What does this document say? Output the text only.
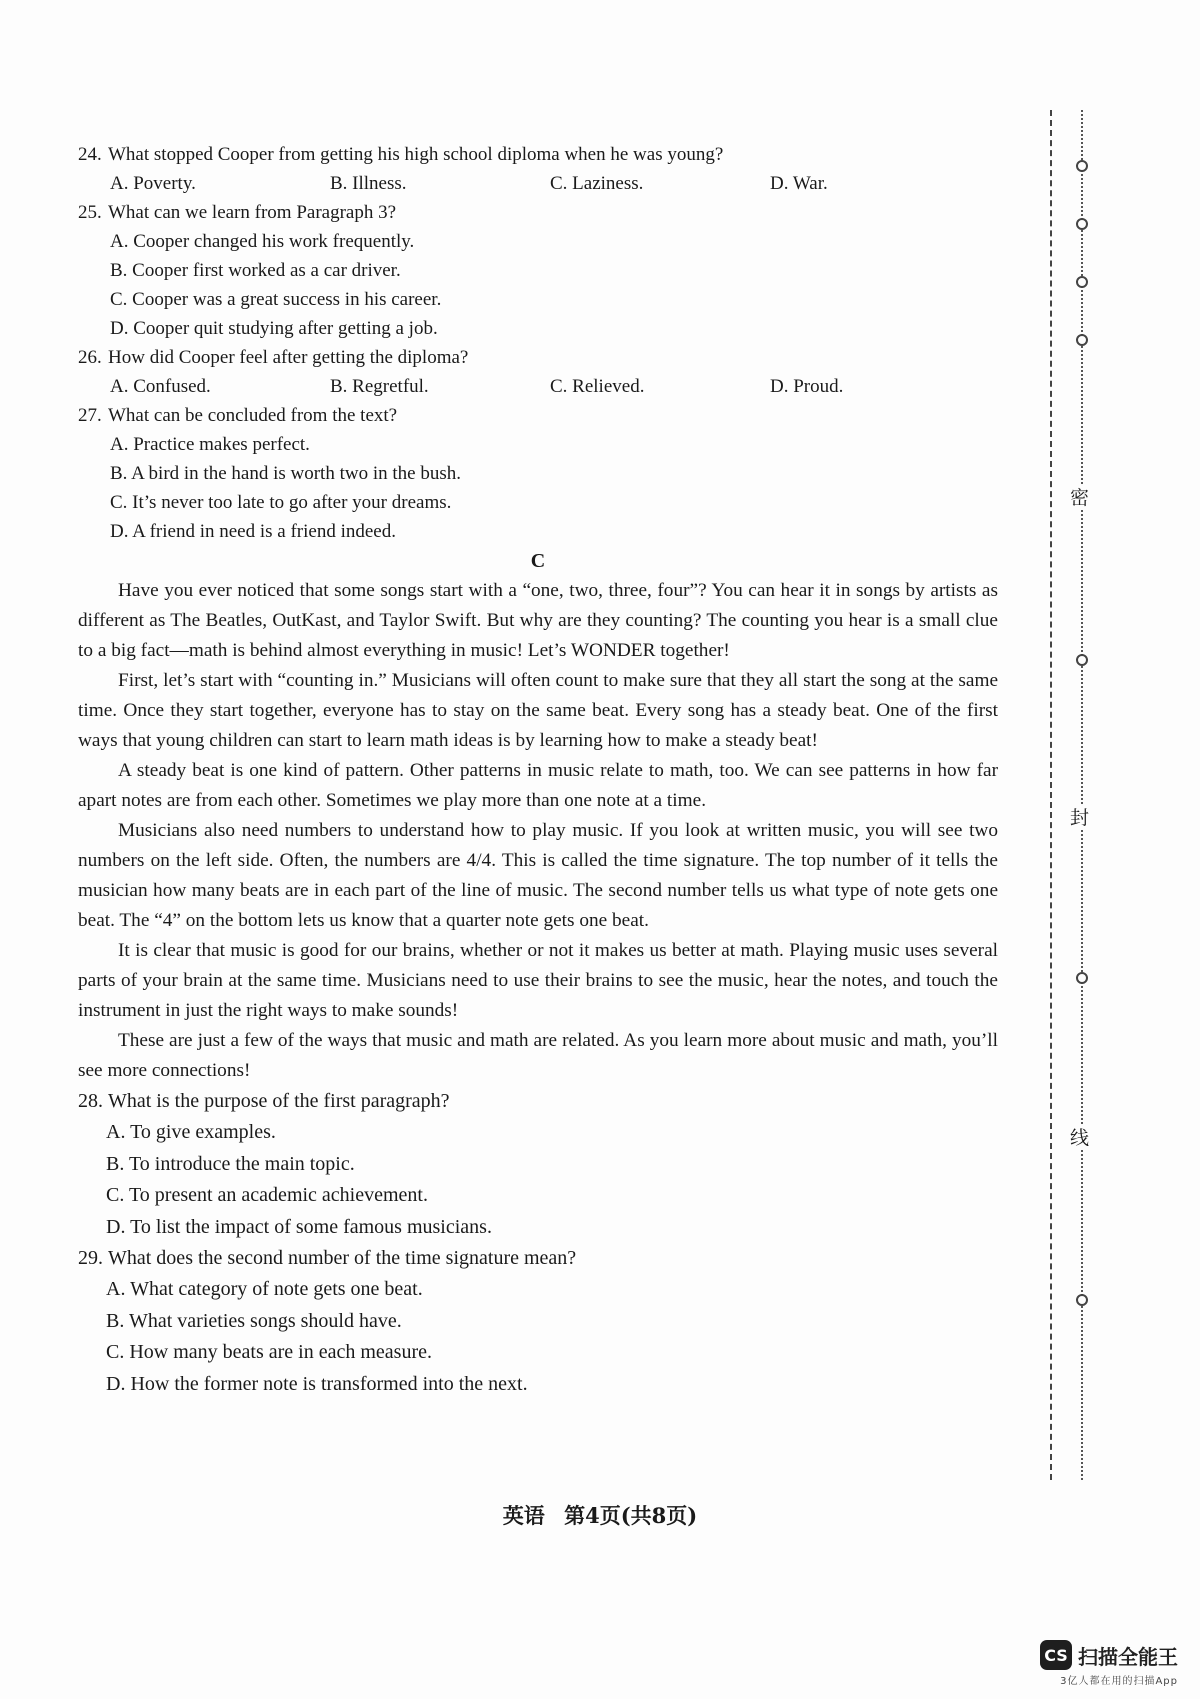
密
封
线

24. What stopped Cooper from getting his high school diploma when he was young?

A. Poverty.	B. Illness.	C. Laziness.	D. War.

25. What can we learn from Paragraph 3?

A. Cooper changed his work frequently.

B. Cooper first worked as a car driver.

C. Cooper was a great success in his career.

D. Cooper quit studying after getting a job.

26. How did Cooper feel after getting the diploma?

A. Confused.	B. Regretful.	C. Relieved.	D. Proud.

27. What can be concluded from the text?

A. Practice makes perfect.

B. A bird in the hand is worth two in the bush.

C. It’s never too late to go after your dreams.

D. A friend in need is a friend indeed.

C

Have you ever noticed that some songs start with a “one, two, three, four”? You can hear it in songs by artists as different as The Beatles, OutKast, and Taylor Swift. But why are they counting? The counting you hear is a small clue to a big fact—math is behind almost everything in music! Let’s WONDER together!

First, let’s start with “counting in.” Musicians will often count to make sure that they all start the song at the same time. Once they start together, everyone has to stay on the same beat. Every song has a steady beat. One of the first ways that young children can start to learn math ideas is by learning how to make a steady beat!

A steady beat is one kind of pattern. Other patterns in music relate to math, too. We can see patterns in how far apart notes are from each other. Sometimes we play more than one note at a time.

Musicians also need numbers to understand how to play music. If you look at written music, you will see two numbers on the left side. Often, the numbers are 4/4. This is called the time signature. The top number of it tells the musician how many beats are in each part of the line of music. The second number tells us what type of note gets one beat. The “4” on the bottom lets us know that a quarter note gets one beat.

It is clear that music is good for our brains, whether or not it makes us better at math. Playing music uses several parts of your brain at the same time. Musicians need to use their brains to see the music, hear the notes, and touch the instrument in just the right ways to make sounds!

These are just a few of the ways that music and math are related. As you learn more about music and math, you’ll see more connections!

28. What is the purpose of the first paragraph?

A. To give examples.

B. To introduce the main topic.

C. To present an academic achievement.

D. To list the impact of some famous musicians.

29. What does the second number of the time signature mean?

A. What category of note gets one beat.

B. What varieties songs should have.

C. How many beats are in each measure.

D. How the former note is transformed into the next.

英语 第4页(共8页)
CS 扫描全能王
3亿人都在用的扫描App
